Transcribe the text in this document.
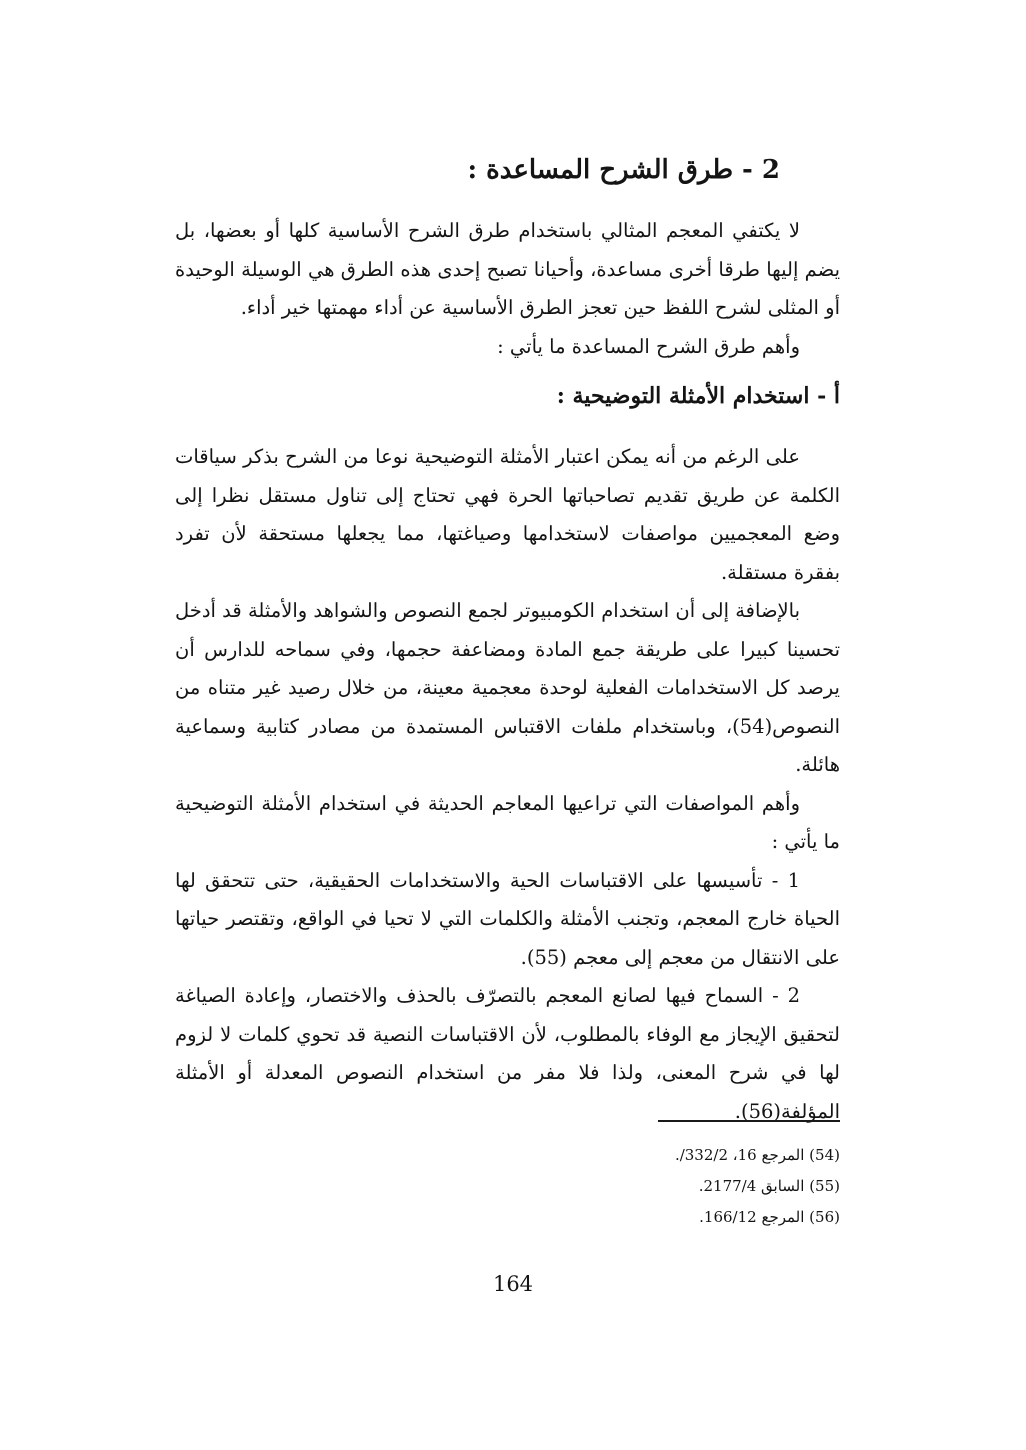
2 - طرق الشرح المساعدة :

لا يكتفي المعجم المثالي باستخدام طرق الشرح الأساسية كلها أو بعضها، بل يضم إليها طرقا أخرى مساعدة، وأحيانا تصبح إحدى هذه الطرق هي الوسيلة الوحيدة أو المثلى لشرح اللفظ حين تعجز الطرق الأساسية عن أداء مهمتها خير أداء.

وأهم طرق الشرح المساعدة ما يأتي :

أ - استخدام الأمثلة التوضيحية :

على الرغم من أنه يمكن اعتبار الأمثلة التوضيحية نوعا من الشرح بذكر سياقات الكلمة عن طريق تقديم تصاحباتها الحرة فهي تحتاج إلى تناول مستقل نظرا إلى وضع المعجميين مواصفات لاستخدامها وصياغتها، مما يجعلها مستحقة لأن تفرد بفقرة مستقلة.

بالإضافة إلى أن استخدام الكومبيوتر لجمع النصوص والشواهد والأمثلة قد أدخل تحسينا كبيرا على طريقة جمع المادة ومضاعفة حجمها، وفي سماحه للدارس أن يرصد كل الاستخدامات الفعلية لوحدة معجمية معينة، من خلال رصيد غير متناه من النصوص(54)، وباستخدام ملفات الاقتباس المستمدة من مصادر كتابية وسماعية هائلة.

وأهم المواصفات التي تراعيها المعاجم الحديثة في استخدام الأمثلة التوضيحية ما يأتي :

1 - تأسيسها على الاقتباسات الحية والاستخدامات الحقيقية، حتى تتحقق لها الحياة خارج المعجم، وتجنب الأمثلة والكلمات التي لا تحيا في الواقع، وتقتصر حياتها على الانتقال من معجم إلى معجم (55).

2 - السماح فيها لصانع المعجم بالتصرّف بالحذف والاختصار، وإعادة الصياغة لتحقيق الإيجاز مع الوفاء بالمطلوب، لأن الاقتباسات النصية قد تحوي كلمات لا لزوم لها في شرح المعنى، ولذا فلا مفر من استخدام النصوص المعدلة أو الأمثلة المؤلفة(56).

(54) المرجع 16، 332/2/.
(55) السابق 2177/4.
(56) المرجع 166/12.
164
